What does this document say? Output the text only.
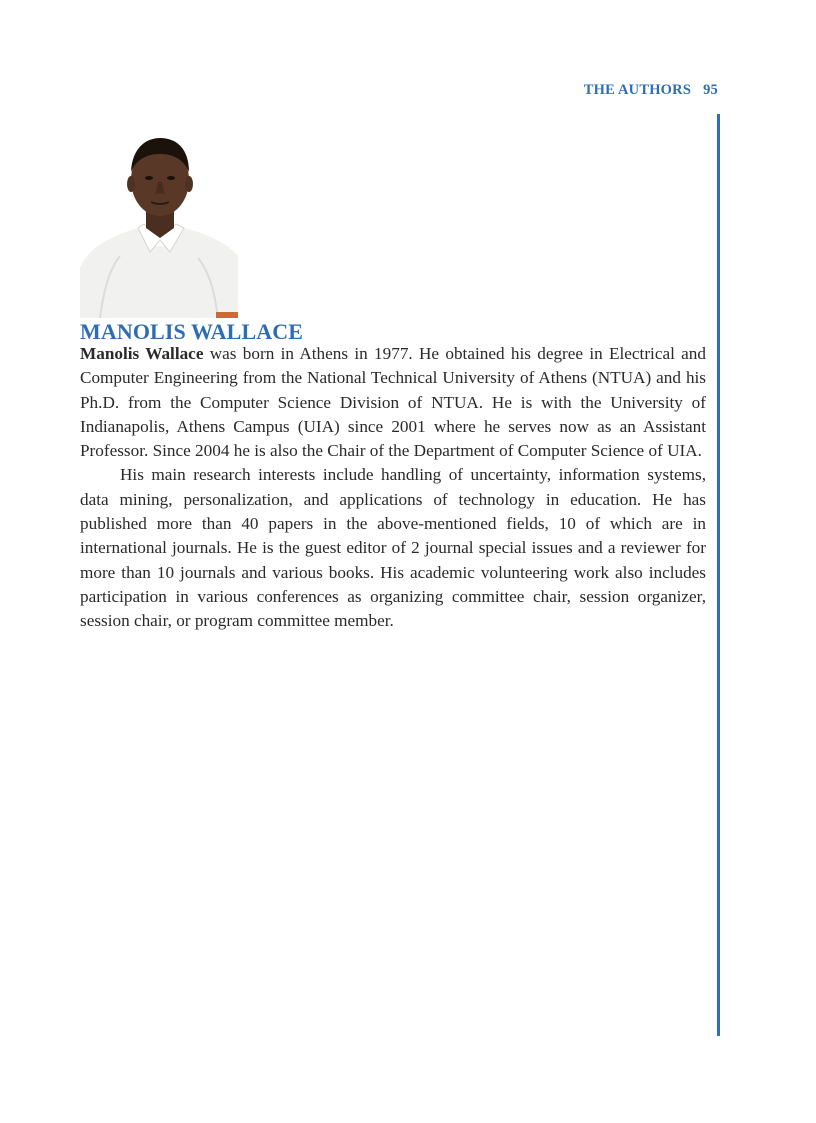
THE AUTHORS 95
MANOLIS WALLACE

Manolis Wallace was born in Athens in 1977. He obtained his degree in Electrical and Computer Engineering from the National Technical University of Athens (NTUA) and his Ph.D. from the Computer Science Division of NTUA. He is with the University of Indianapolis, Athens Campus (UIA) since 2001 where he serves now as an Assistant Professor. Since 2004 he is also the Chair of the Department of Computer Science of UIA.

His main research interests include handling of uncertainty, information systems, data mining, personalization, and applications of technology in education. He has published more than 40 papers in the above-mentioned fields, 10 of which are in international journals. He is the guest editor of 2 journal special issues and a reviewer for more than 10 journals and various books. His academic volunteering work also includes participation in various conferences as organizing committee chair, session organizer, session chair, or program committee member.
